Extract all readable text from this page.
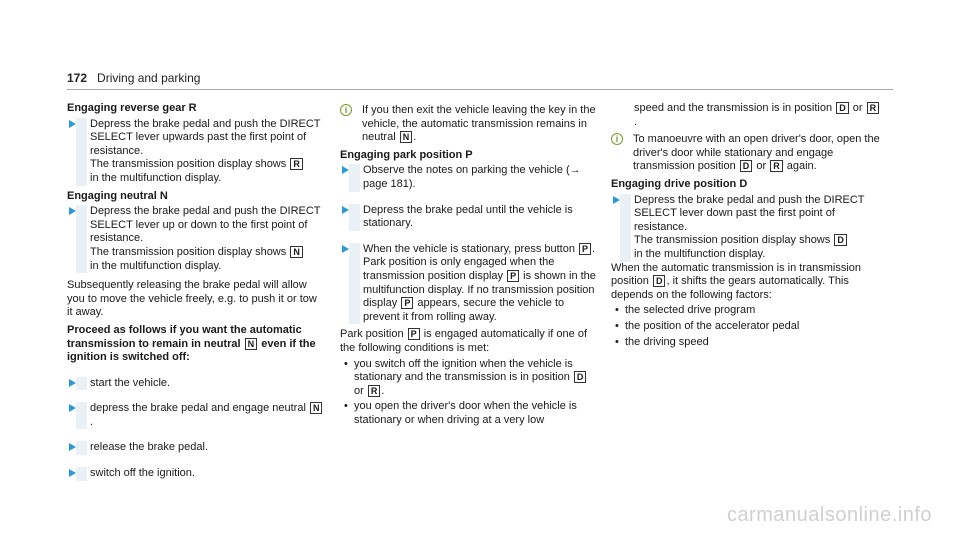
172 Driving and parking
Engaging reverse gear R
Depress the brake pedal and push the DIRECT SELECT lever upwards past the first point of resistance.
The transmission position display shows R
in the multifunction display.
Engaging neutral N
Depress the brake pedal and push the DIRECT SELECT lever up or down to the first point of resistance.
The transmission position display shows N
in the multifunction display.
Subsequently releasing the brake pedal will allow you to move the vehicle freely, e.g. to push it or tow it away.
Proceed as follows if you want the automatic transmission to remain in neutral N even if the ignition is switched off:
start the vehicle.
depress the brake pedal and engage neutral N.
release the brake pedal.
switch off the ignition.
i	If you then exit the vehicle leaving the key in the vehicle, the automatic transmission remains in neutral N .
Engaging park position P
Observe the notes on parking the vehicle (→ page 181).
Depress the brake pedal until the vehicle is stationary.
When the vehicle is stationary, press button P .
Park position is only engaged when the transmission position display P is shown in the multifunction display. If no transmission position display P appears, secure the vehicle to prevent it from rolling away.
Park position P is engaged automatically if one of the following conditions is met:
• you switch off the ignition when the vehicle is stationary and the transmission is in position D or R .
• you open the driver's door when the vehicle is stationary or when driving at a very low
speed and the transmission is in position D or R.
i	To manoeuvre with an open driver's door, open the driver's door while stationary and engage transmission position D or R again.
Engaging drive position D
Depress the brake pedal and push the DIRECT SELECT lever down past the first point of resistance.
The transmission position display shows D
in the multifunction display.
When the automatic transmission is in transmission position D , it shifts the gears automatically. This depends on the following factors:
• the selected drive program
• the position of the accelerator pedal
• the driving speed
carmanualsonline.info
